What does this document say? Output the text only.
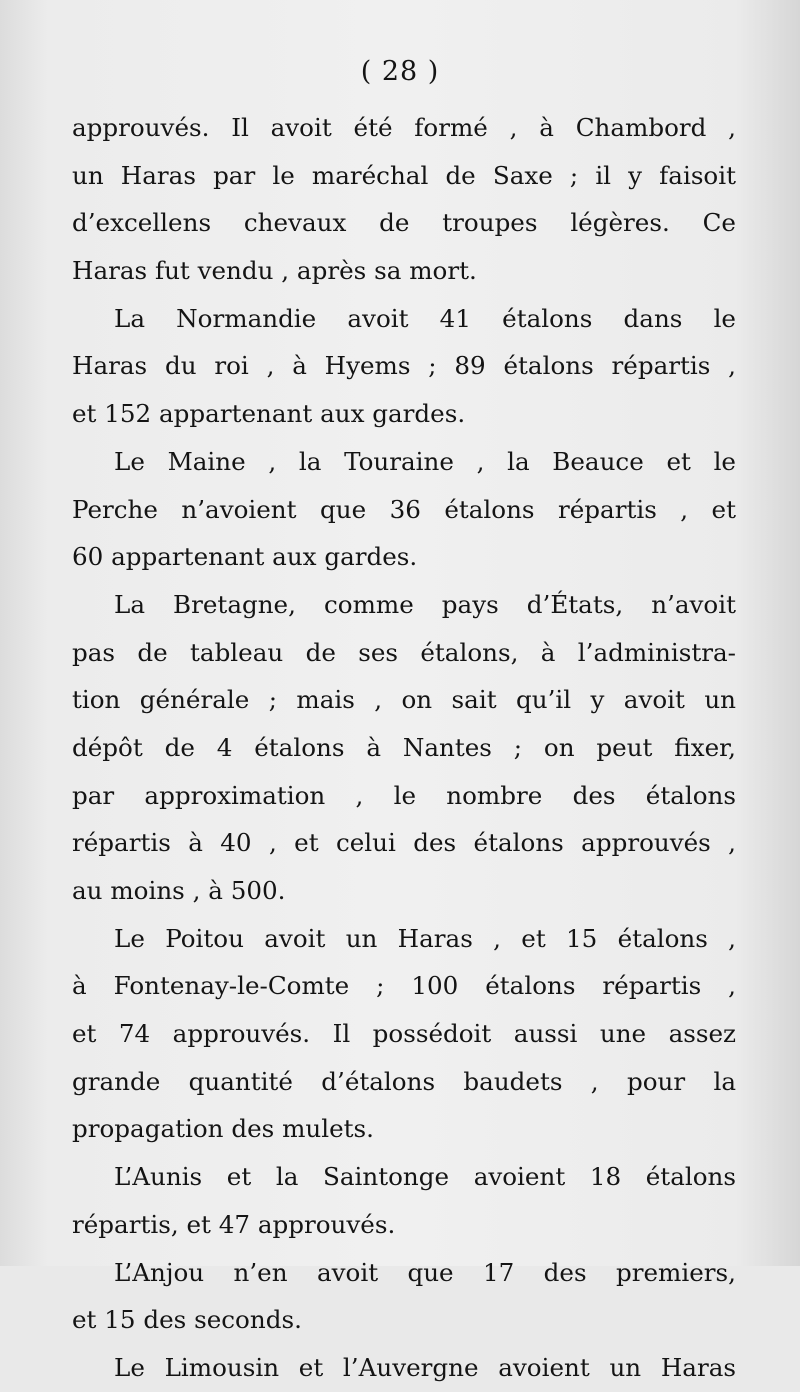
( 28 )
approuvés. Il avoit été formé , à Chambord ,
un Haras par le maréchal de Saxe ; il y faisoit
d’excellens chevaux de troupes légères. Ce
Haras fut vendu , après sa mort.
La Normandie avoit 41 étalons dans le
Haras du roi , à Hyems ; 89 étalons répartis ,
et 152 appartenant aux gardes.
Le Maine , la Touraine , la Beauce et le
Perche n’avoient que 36 étalons répartis , et
60 appartenant aux gardes.
La Bretagne, comme pays d’États, n’avoit
pas de tableau de ses étalons, à l’administra-
tion générale ; mais , on sait qu’il y avoit un
dépôt de 4 étalons à Nantes ; on peut fixer,
par approximation , le nombre des étalons
répartis à 40 , et celui des étalons approuvés ,
au moins , à 500.
Le Poitou avoit un Haras , et 15 étalons ,
à Fontenay-le-Comte ; 100 étalons répartis ,
et 74 approuvés. Il possédoit aussi une assez
grande quantité d’étalons baudets , pour la
propagation des mulets.
L’Aunis et la Saintonge avoient 18 étalons
répartis, et 47 approuvés.
L’Anjou n’en avoit que 17 des premiers,
et 15 des seconds.
Le Limousin et l’Auvergne avoient un Haras
